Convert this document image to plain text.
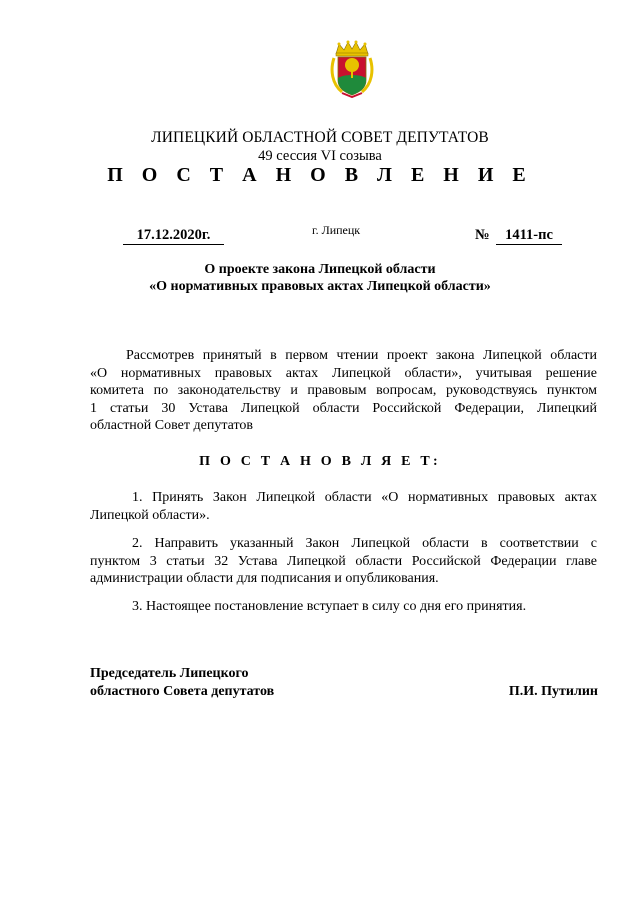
ЛИПЕЦКИЙ ОБЛАСТНОЙ СОВЕТ ДЕПУТАТОВ
49 сессия VI созыва
П О С Т А Н О В Л Е Н И Е
17.12.2020г.	г. Липецк	№	1411-пс
О проекте закона Липецкой области
«О нормативных правовых актах Липецкой области»
Рассмотрев принятый в первом чтении проект закона Липецкой области
«О нормативных правовых актах Липецкой области», учитывая решение
комитета по законодательству и правовым вопросам, руководствуясь пунктом
1 статьи 30 Устава Липецкой области Российской Федерации, Липецкий
областной Совет депутатов
П О С Т А Н О В Л Я Е Т:
1. Принять Закон Липецкой области «О нормативных правовых актах
Липецкой области».
2. Направить указанный Закон Липецкой области в соответствии с
пунктом 3 статьи 32 Устава Липецкой области Российской Федерации главе
администрации области для подписания и опубликования.
3. Настоящее постановление вступает в силу со дня его принятия.
Председатель Липецкого
областного Совета депутатов	П.И. Путилин
